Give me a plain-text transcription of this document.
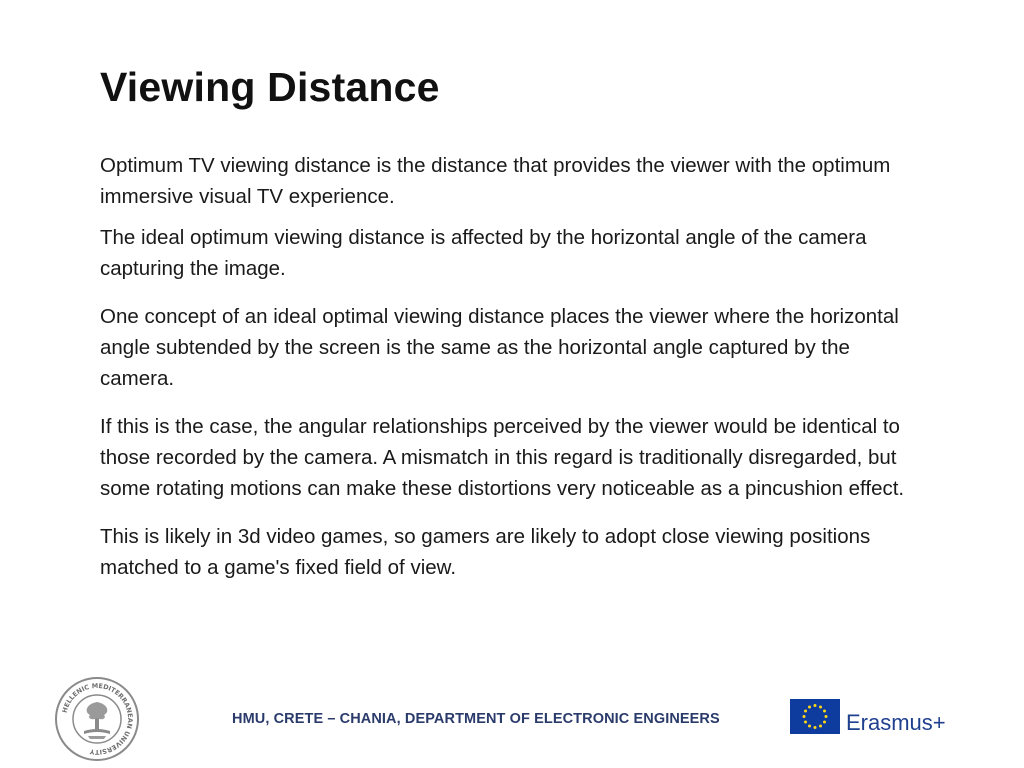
Viewing Distance

Optimum TV viewing distance is the distance that provides the viewer with the optimum immersive visual TV experience.

The ideal optimum viewing distance is affected by the horizontal angle of the camera capturing the image.

One concept of an ideal optimal viewing distance places the viewer where the horizontal angle subtended by the screen is the same as the horizontal angle captured by the camera.

If this is the case, the angular relationships perceived by the viewer would be identical to those recorded by the camera. A mismatch in this regard is traditionally disregarded, but some rotating motions can make these distortions very noticeable as a pincushion effect.

This is likely in 3d video games, so gamers are likely to adopt close viewing positions matched to a game's fixed field of view.

HELLENIC MEDITERRANEAN UNIVERSITY
HMU, CRETE – CHANIA, DEPARTMENT OF ELECTRONIC ENGINEERS	Erasmus+
